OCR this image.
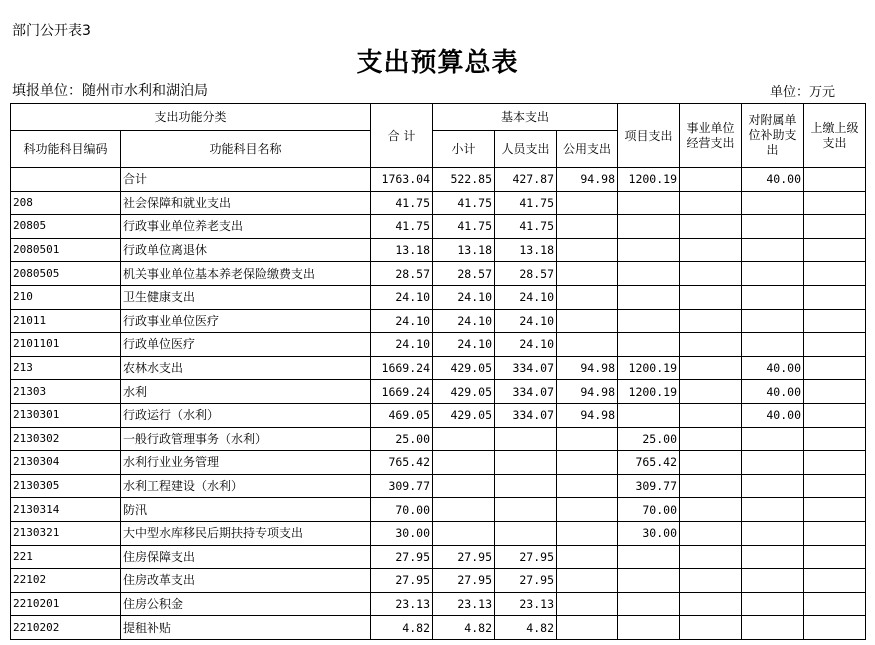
部门公开表3
支出预算总表
填报单位：随州市水利和湖泊局	单位：万元
支出功能分类		合 计	基本支出			项目支出	事业单位经营支出	对附属单位补助支出	上缴上级支出
科功能科目编码	功能科目名称		小计	人员支出	公用支出				
	合计	1763.04	522.85	427.87	94.98	1200.19		40.00	
208	社会保障和就业支出	41.75	41.75	41.75					
20805	行政事业单位养老支出	41.75	41.75	41.75					
2080501	行政单位离退休	13.18	13.18	13.18					
2080505	机关事业单位基本养老保险缴费支出	28.57	28.57	28.57					
210	卫生健康支出	24.10	24.10	24.10					
21011	行政事业单位医疗	24.10	24.10	24.10					
2101101	行政单位医疗	24.10	24.10	24.10					
213	农林水支出	1669.24	429.05	334.07	94.98	1200.19		40.00	
21303	水利	1669.24	429.05	334.07	94.98	1200.19		40.00	
2130301	行政运行（水利）	469.05	429.05	334.07	94.98			40.00	
2130302	一般行政管理事务（水利）	25.00				25.00			
2130304	水利行业业务管理	765.42				765.42			
2130305	水利工程建设（水利）	309.77				309.77			
2130314	防汛	70.00				70.00			
2130321	大中型水库移民后期扶持专项支出	30.00				30.00			
221	住房保障支出	27.95	27.95	27.95					
22102	住房改革支出	27.95	27.95	27.95					
2210201	住房公积金	23.13	23.13	23.13					
2210202	提租补贴	4.82	4.82	4.82					
